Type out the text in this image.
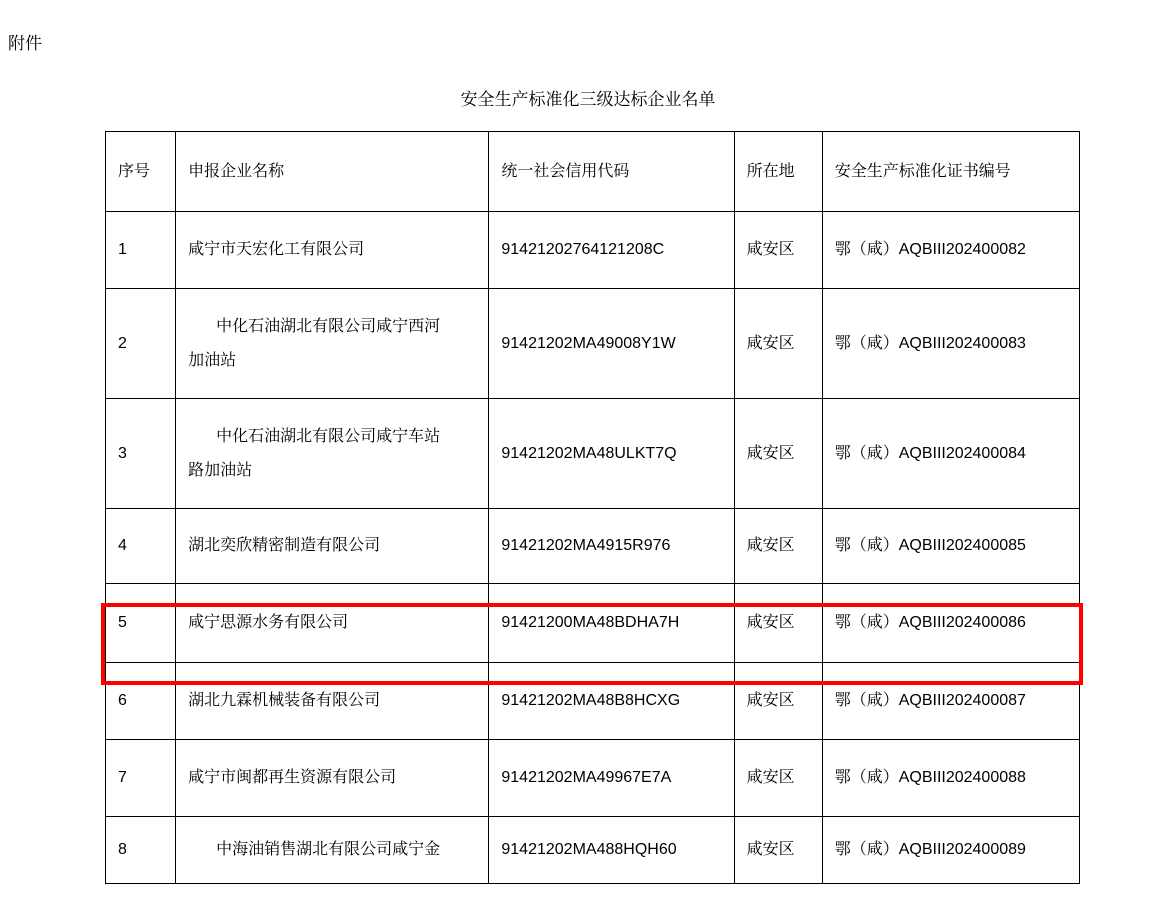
附件
安全生产标准化三级达标企业名单
序号	申报企业名称	统一社会信用代码	所在地	安全生产标准化证书编号
1	咸宁市天宏化工有限公司	91421202764121208C	咸安区	鄂（咸）AQBIII202400082
2	中化石油湖北有限公司咸宁西河
加油站	91421202MA49008Y1W	咸安区	鄂（咸）AQBIII202400083
3	中化石油湖北有限公司咸宁车站
路加油站	91421202MA48ULKT7Q	咸安区	鄂（咸）AQBIII202400084
4	湖北奕欣精密制造有限公司	91421202MA4915R976	咸安区	鄂（咸）AQBIII202400085
5	咸宁思源水务有限公司	91421200MA48BDHA7H	咸安区	鄂（咸）AQBIII202400086
6	湖北九霖机械装备有限公司	91421202MA48B8HCXG	咸安区	鄂（咸）AQBIII202400087
7	咸宁市闽都再生资源有限公司	91421202MA49967E7A	咸安区	鄂（咸）AQBIII202400088
8	中海油销售湖北有限公司咸宁金	91421202MA488HQH60	咸安区	鄂（咸）AQBIII202400089
